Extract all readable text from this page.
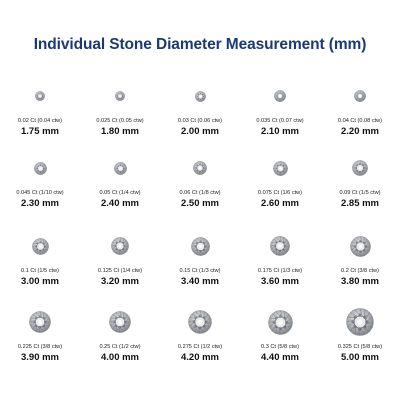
Individual Stone Diameter Measurement (mm)
0.02 Ct (0.04 ctw)
1.75 mm
0.025 Ct (0.05 ctw)
1.80 mm
0.03 Ct (0.06 ctw)
2.00 mm
0.035 Ct (0.07 ctw)
2.10 mm
0.04 Ct (0.08 ctw)
2.20 mm
0.045 Ct (1/10 ctw)
2.30 mm
0.05 Ct (1/4 ctw)
2.40 mm
0.06 Ct (1/8 ctw)
2.50 mm
0.075 Ct (1/6 ctw)
2.60 mm
0.09 Ct (1/5 ctw)
2.85 mm
0.1 Ct (1/5 ctw)
3.00 mm
0.125 Ct (1/4 ctw)
3.20 mm
0.15 Ct (1/3 ctw)
3.40 mm
0.175 Ct (1/3 ctw)
3.60 mm
0.2 Ct (3/8 ctw)
3.80 mm
0.225 Ct (3/8 ctw)
3.90 mm
0.25 Ct (1/2 ctw)
4.00 mm
0.275 Ct (1/2 ctw)
4.20 mm
0.3 Ct (5/8 ctw)
4.40 mm
0.325 Ct (5/8 ctw)
5.00 mm
